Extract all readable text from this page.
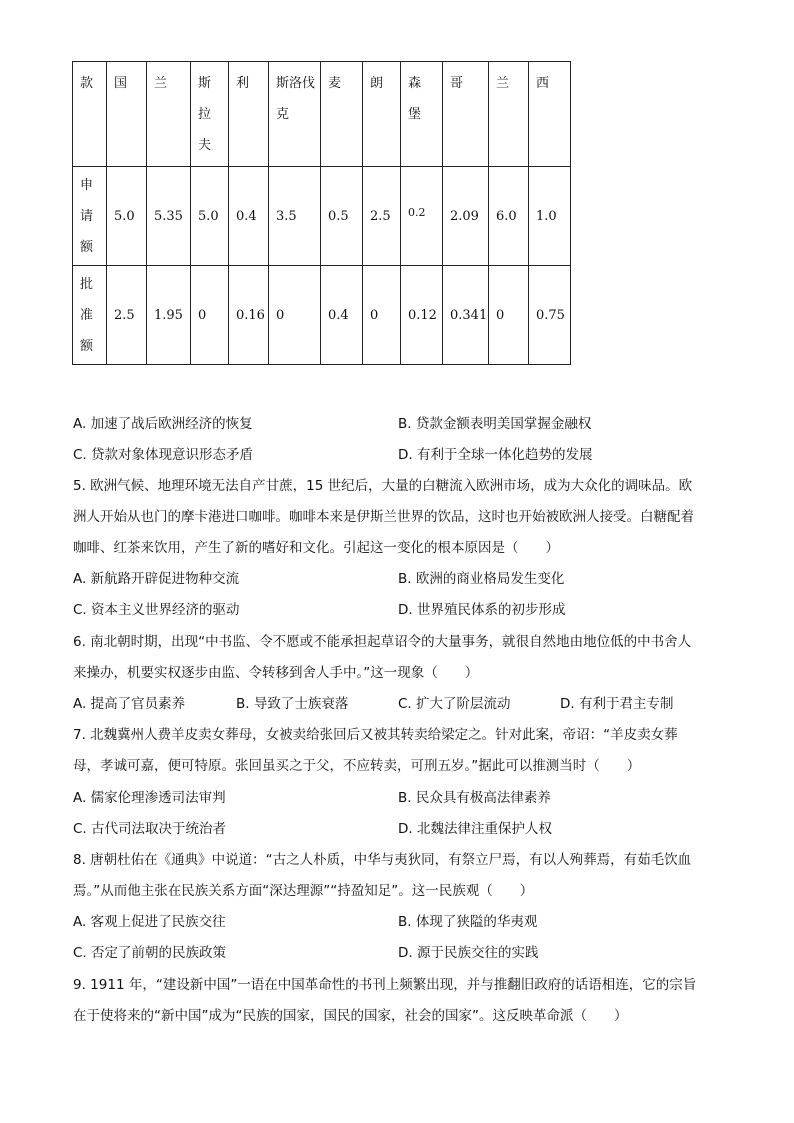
款	国	兰	斯拉夫	利	斯洛伐克	麦	朗	森堡	哥	兰	西

申请额	5.0	5.35	5.0	0.4	3.5	0.5	2.5	0.2	2.09	6.0	1.0

批准额	2.5	1.95	0	0.16	0	0.4	0	0.12	0.341	0	0.75
A. 加速了战后欧洲经济的恢复	B. 贷款金额表明美国掌握金融权
C. 贷款对象体现意识形态矛盾	D. 有利于全球一体化趋势的发展
5. 欧洲气候、地理环境无法自产甘蔗，15 世纪后，大量的白糖流入欧洲市场，成为大众化的调味品。欧
洲人开始从也门的摩卡港进口咖啡。咖啡本来是伊斯兰世界的饮品，这时也开始被欧洲人接受。白糖配着
咖啡、红茶来饮用，产生了新的嗜好和文化。引起这一变化的根本原因是（　　）
A. 新航路开辟促进物种交流	B. 欧洲的商业格局发生变化
C. 资本主义世界经济的驱动	D. 世界殖民体系的初步形成
6. 南北朝时期，出现“中书监、令不愿或不能承担起草诏令的大量事务，就很自然地由地位低的中书舍人
来操办，机要实权逐步由监、令转移到舍人手中。”这一现象（　　）
A. 提高了官员素养	B. 导致了士族衰落	C. 扩大了阶层流动	D. 有利于君主专制
7. 北魏冀州人费羊皮卖女葬母，女被卖给张回后又被其转卖给梁定之。针对此案，帝诏：“羊皮卖女葬
母，孝诚可嘉，便可特原。张回虽买之于父，不应转卖，可刑五岁。”据此可以推测当时（　　）
A. 儒家伦理渗透司法审判	B. 民众具有极高法律素养
C. 古代司法取决于统治者	D. 北魏法律注重保护人权
8. 唐朝杜佑在《通典》中说道：“古之人朴质，中华与夷狄同，有祭立尸焉，有以人殉葬焉，有茹毛饮血
焉。”从而他主张在民族关系方面“深达理源”“持盈知足”。这一民族观（　　）
A. 客观上促进了民族交往	B. 体现了狭隘的华夷观
C. 否定了前朝的民族政策	D. 源于民族交往的实践
9. 1911 年，“建设新中国”一语在中国革命性的书刊上频繁出现，并与推翻旧政府的话语相连，它的宗旨
在于使将来的“新中国”成为“民族的国家，国民的国家，社会的国家”。这反映革命派（　　）
